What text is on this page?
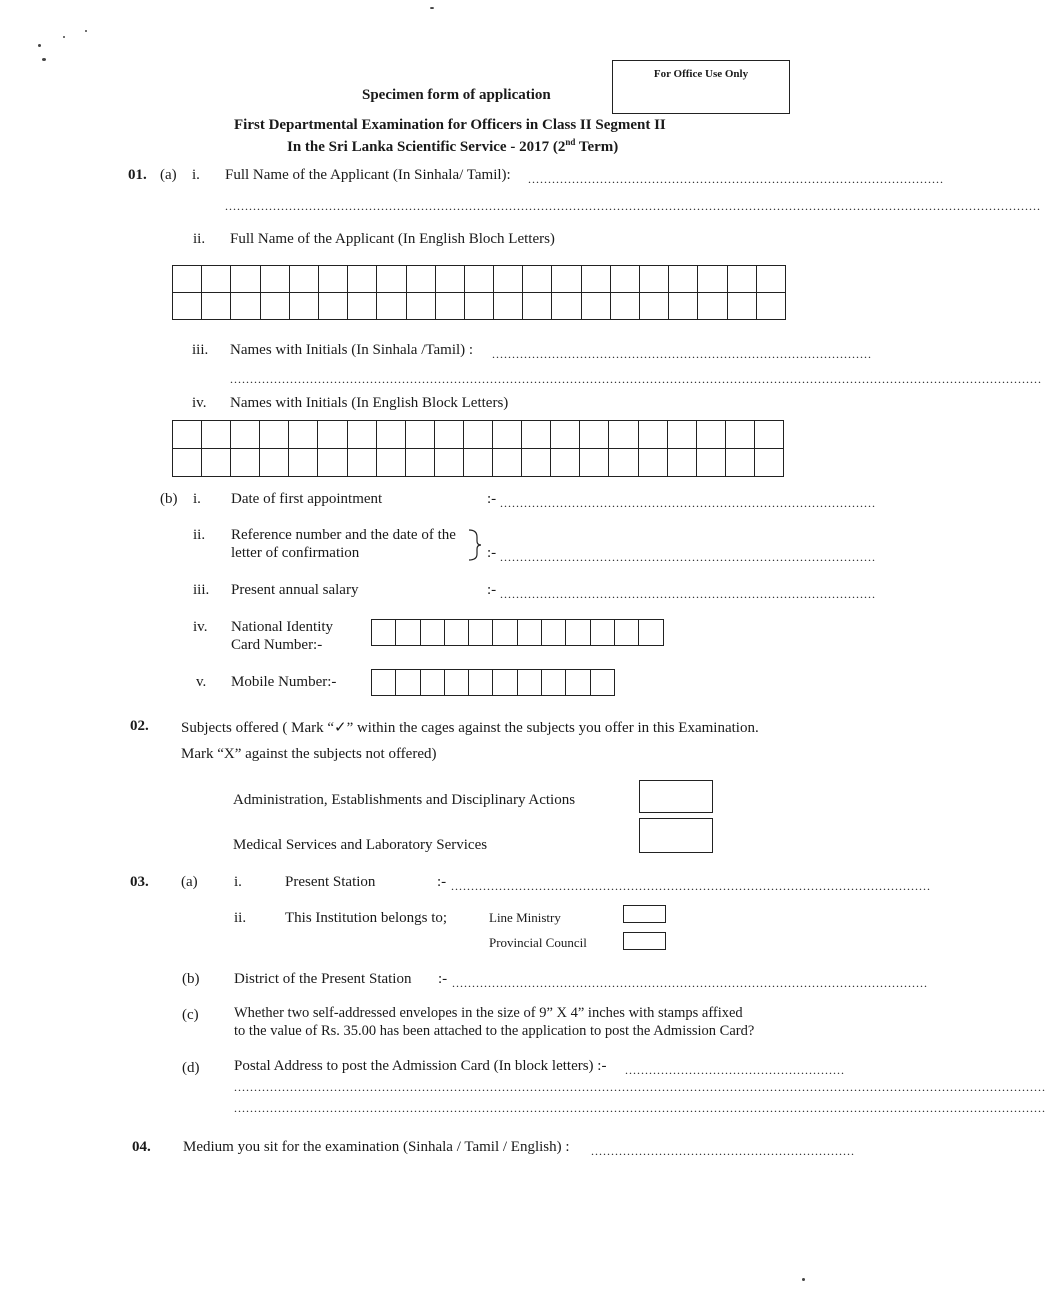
For Office Use Only
Specimen form of application
First Departmental Examination for Officers in Class II Segment II
In the Sri Lanka Scientific Service - 2017 (2nd Term)
01. (a) i. Full Name of the Applicant (In Sinhala/ Tamil): ........................................................................................................
............................................................................................................................................................................................................
ii. Full Name of the Applicant (In English Bloch Letters)
iii. Names with Initials (In Sinhala /Tamil) : ...............................................................................................
...........................................................................................................................................................................................................
iv. Names with Initials (In English Block Letters)
(b) i. Date of first appointment	:- ..............................................................................................
ii. Reference number and the date of the
letter of confirmation	:- ..............................................................................................
iii. Present annual salary	:- ..............................................................................................
iv. National Identity
Card Number:-
v. Mobile Number:-
02. Subjects offered ( Mark “✓” within the cages against the subjects you offer in this Examination.
Mark “X” against the subjects not offered)
Administration, Establishments and Disciplinary Actions
Medical Services and Laboratory Services
03. (a) i.	Present Station	:- ........................................................................................................................
ii.	This Institution belongs to;	Line Ministry
Provincial Council
(b) District of the Present Station :- .......................................................................................................................
(c) Whether two self-addressed envelopes in the size of 9” X 4” inches with stamps affixed
to the value of Rs. 35.00 has been attached to the application to post the Admission Card?
(d) Postal Address to post the Admission Card (In block letters) :- .......................................................
...........................................................................................................................................................................................................
...........................................................................................................................................................................................................
04. Medium you sit for the examination (Sinhala / Tamil / English) : ..................................................................
